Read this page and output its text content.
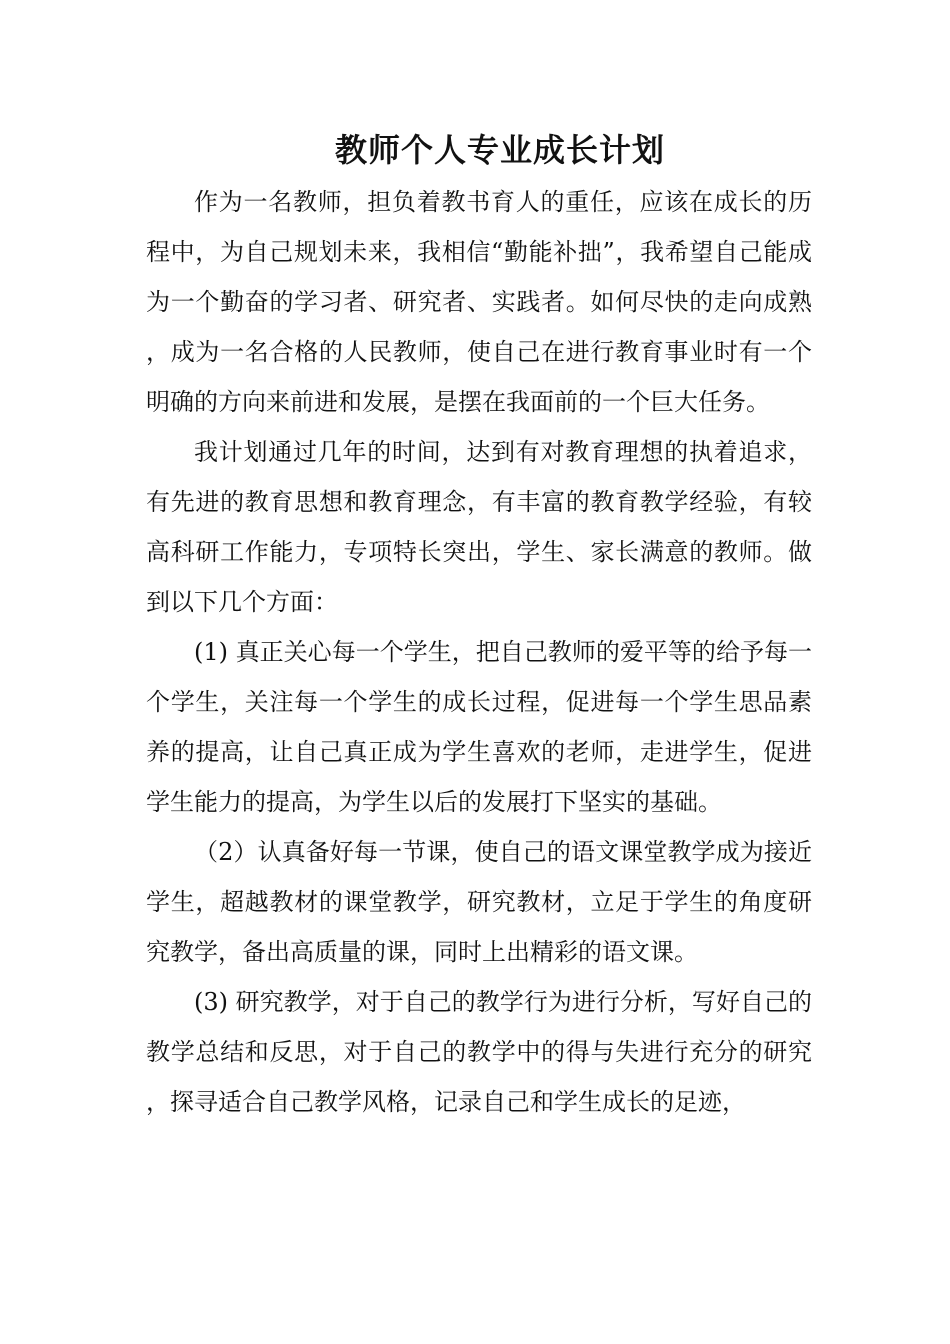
教师个人专业成长计划

作为一名教师，担负着教书育人的重任，应该在成长的历程中，为自己规划未来，我相信“勤能补拙”，我希望自己能成为一个勤奋的学习者、研究者、实践者。如何尽快的走向成熟，成为一名合格的人民教师，使自己在进行教育事业时有一个明确的方向来前进和发展，是摆在我面前的一个巨大任务。

我计划通过几年的时间，达到有对教育理想的执着追求，有先进的教育思想和教育理念，有丰富的教育教学经验，有较高科研工作能力，专项特长突出，学生、家长满意的教师。做到以下几个方面：

(1) 真正关心每一个学生，把自己教师的爱平等的给予每一个学生，关注每一个学生的成长过程，促进每一个学生思品素养的提高，让自己真正成为学生喜欢的老师，走进学生，促进学生能力的提高，为学生以后的发展打下坚实的基础。

（2）认真备好每一节课，使自己的语文课堂教学成为接近学生，超越教材的课堂教学，研究教材，立足于学生的角度研究教学，备出高质量的课，同时上出精彩的语文课。

(3) 研究教学，对于自己的教学行为进行分析，写好自己的教学总结和反思，对于自己的教学中的得与失进行充分的研究，探寻适合自己教学风格，记录自己和学生成长的足迹，
